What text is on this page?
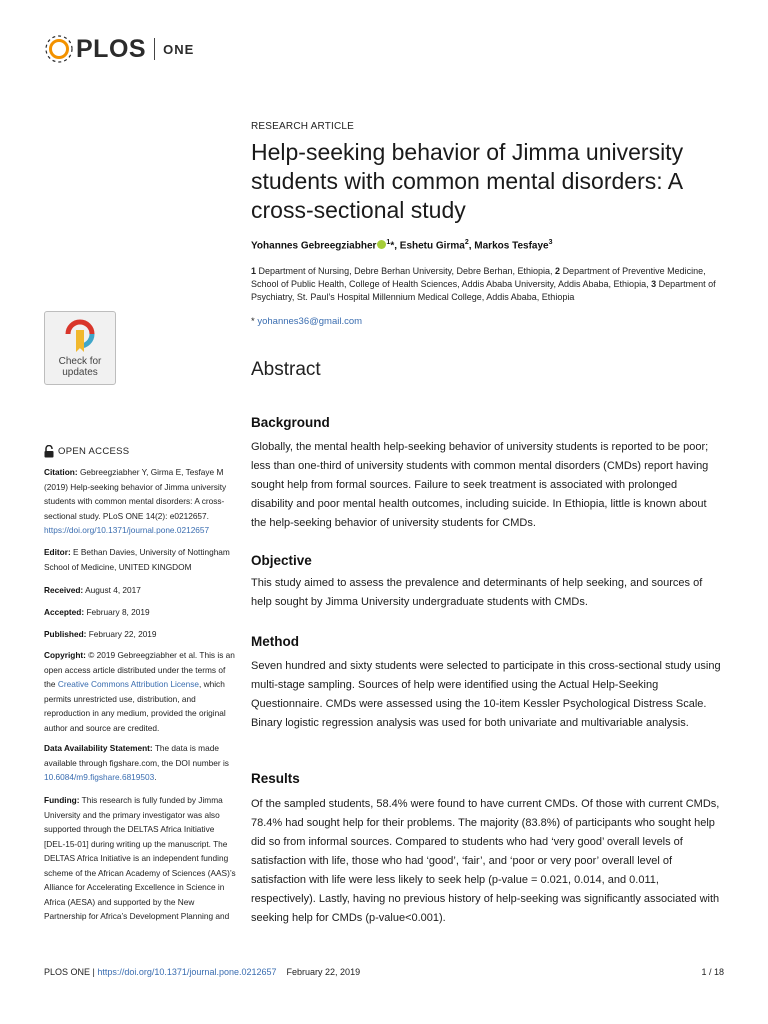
PLOS ONE
RESEARCH ARTICLE
Help-seeking behavior of Jimma university students with common mental disorders: A cross-sectional study
Yohannes Gebreegziabher $^1$*, Eshetu Girma$^2$, Markos Tesfaye$^3$
1 Department of Nursing, Debre Berhan University, Debre Berhan, Ethiopia, 2 Department of Preventive Medicine, School of Public Health, College of Health Sciences, Addis Ababa University, Addis Ababa, Ethiopia, 3 Department of Psychiatry, St. Paul’s Hospital Millennium Medical College, Addis Ababa, Ethiopia
* yohannes36@gmail.com
Abstract
Background

Globally, the mental health help-seeking behavior of university students is reported to be poor; less than one-third of university students with common mental disorders (CMDs) report having sought help from formal sources. Failure to seek treatment is associated with prolonged disability and poor mental health outcomes, including suicide. In Ethiopia, little is known about the help-seeking behavior of university students for CMDs.

Objective

This study aimed to assess the prevalence and determinants of help seeking, and sources of help sought by Jimma University undergraduate students with CMDs.

Method

Seven hundred and sixty students were selected to participate in this cross-sectional study using multi-stage sampling. Sources of help were identified using the Actual Help-Seeking Questionnaire. CMDs were assessed using the 10-item Kessler Psychological Distress Scale. Binary logistic regression analysis was used for both univariate and multivariable analysis.

Results

Of the sampled students, 58.4% were found to have current CMDs. Of those with current CMDs, 78.4% had sought help for their problems. The majority (83.8%) of participants who sought help did so from informal sources. Compared to students who had ‘very good’ overall levels of satisfaction with life, those who had ‘good’, ‘fair’, and ‘poor or very poor’ overall level of satisfaction with life were less likely to seek help (p-value = 0.021, 0.014, and 0.011, respectively). Lastly, having no previous history of help-seeking was significantly associated with seeking help for CMDs (p-value<0.001).

Check for
updates
OPEN ACCESS

Citation: Gebreegziabher Y, Girma E, Tesfaye M (2019) Help-seeking behavior of Jimma university students with common mental disorders: A cross-sectional study. PLoS ONE 14(2): e0212657. https://doi.org/10.1371/journal.pone.0212657

Editor: E Bethan Davies, University of Nottingham School of Medicine, UNITED KINGDOM

Received: August 4, 2017

Accepted: February 8, 2019

Published: February 22, 2019

Copyright: © 2019 Gebreegziabher et al. This is an open access article distributed under the terms of the Creative Commons Attribution License, which permits unrestricted use, distribution, and reproduction in any medium, provided the original author and source are credited.

Data Availability Statement: The data is made available through figshare.com, the DOI number is 10.6084/m9.figshare.6819503.

Funding: This research is fully funded by Jimma University and the primary investigator was also supported through the DELTAS Africa Initiative [DEL-15-01] during writing up the manuscript. The DELTAS Africa Initiative is an independent funding scheme of the African Academy of Sciences (AAS)’s Alliance for Accelerating Excellence in Science in Africa (AESA) and supported by the New Partnership for Africa’s Development Planning and

PLOS ONE | https://doi.org/10.1371/journal.pone.0212657 February 22, 2019	1 / 18
